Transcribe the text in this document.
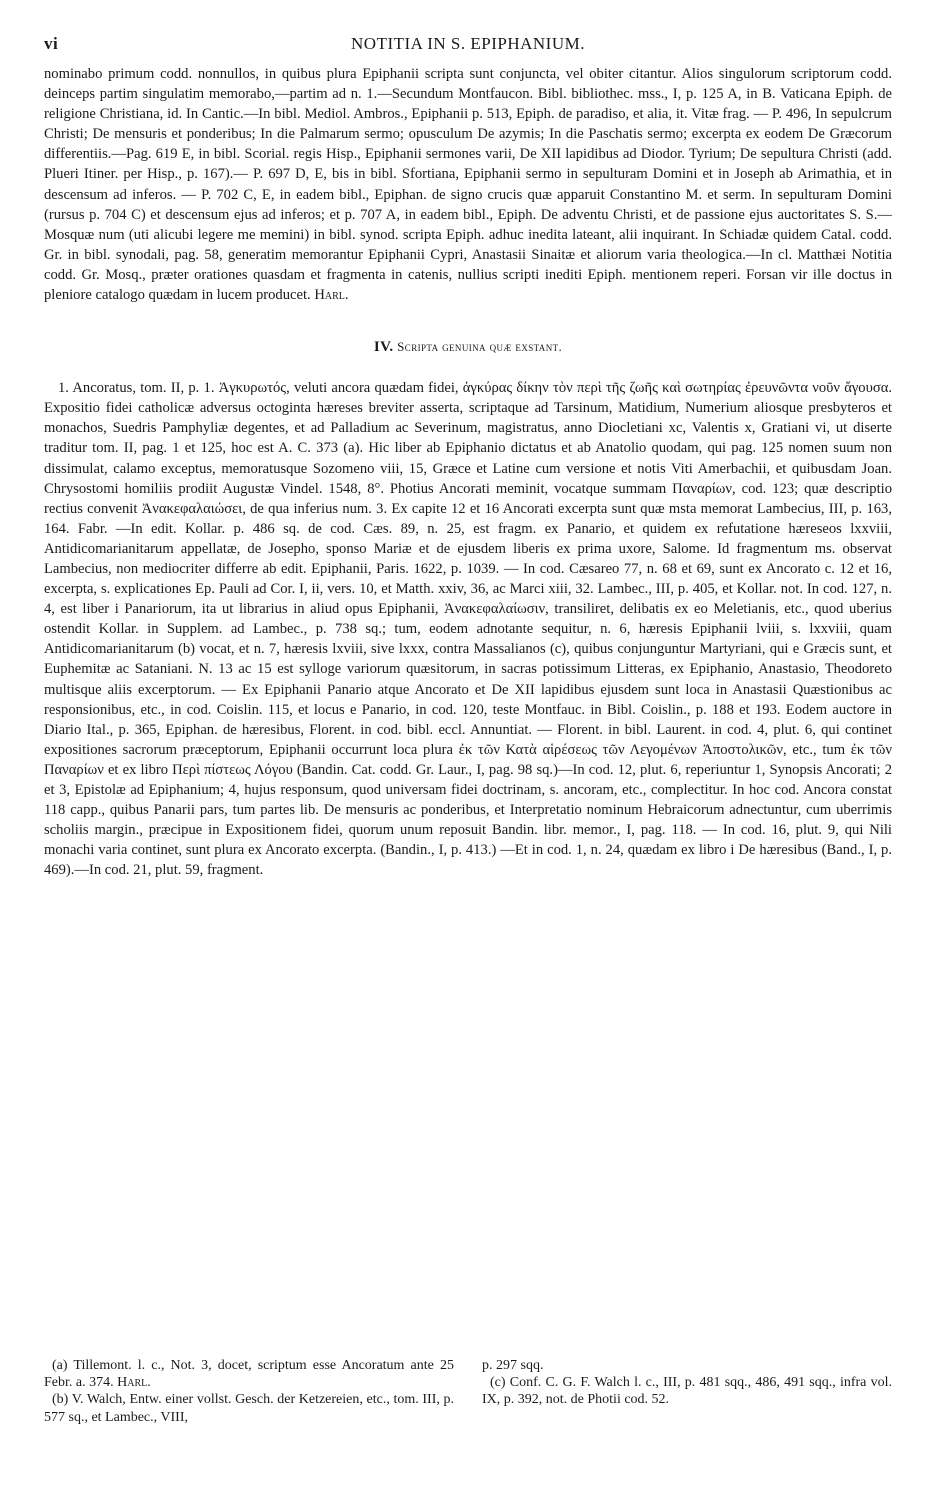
vi	NOTITIA IN S. EPIPHANIUM.

nominabo primum codd. nonnullos, in quibus plura Epiphanii scripta sunt conjuncta, vel obiter citantur. Alios singulorum scriptorum codd. deinceps partim singulatim memorabo,—partim ad n. 1.—Secundum Montfaucon. Bibl. bibliothec. mss., I, p. 125 A, in B. Vaticana Epiph. de religione Christiana, id. In Cantic.—In bibl. Mediol. Ambros., Epiphanii p. 513, Epiph. de paradiso, et alia, it. Vitæ frag. — P. 496, In sepulcrum Christi; De mensuris et ponderibus; In die Palmarum sermo; opusculum De azymis; In die Paschatis sermo; excerpta ex eodem De Græcorum differentiis.—Pag. 619 E, in bibl. Scorial. regis Hisp., Epiphanii sermones varii, De XII lapidibus ad Diodor. Tyrium; De sepultura Christi (add. Plueri Itiner. per Hisp., p. 167).— P. 697 D, E, bis in bibl. Sfortiana, Epiphanii sermo in sepulturam Domini et in Joseph ab Arimathia, et in descensum ad inferos. — P. 702 C, E, in eadem bibl., Epiphan. de signo crucis quæ apparuit Constantino M. et serm. In sepulturam Domini (rursus p. 704 C) et descensum ejus ad inferos; et p. 707 A, in eadem bibl., Epiph. De adventu Christi, et de passione ejus auctoritates S. S.—Mosquæ num (uti alicubi legere me memini) in bibl. synod. scripta Epiph. adhuc inedita lateant, alii inquirant. In Schiadæ quidem Catal. codd. Gr. in bibl. synodali, pag. 58, generatim memorantur Epiphanii Cypri, Anastasii Sinaitæ et aliorum varia theologica.—In cl. Matthæi Notitia codd. Gr. Mosq., præter orationes quasdam et fragmenta in catenis, nullius scripti inediti Epiph. mentionem reperi. Forsan vir ille doctus in pleniore catalogo quædam in lucem producet. Harl.

IV. Scripta genuina quæ exstant.

1. Ancoratus, tom. II, p. 1. Ἀγκυρωτός, veluti ancora quædam fidei, ἀγκύρας δίκην τὸν περὶ τῆς ζωῆς καὶ σωτηρίας ἐρευνῶντα νοῦν ἄγουσα. Expositio fidei catholicæ adversus octoginta hæreses breviter asserta, scriptaque ad Tarsinum, Matidium, Numerium aliosque presbyteros et monachos, Suedris Pamphyliæ degentes, et ad Palladium ac Severinum, magistratus, anno Diocletiani xc, Valentis x, Gratiani vi, ut diserte traditur tom. II, pag. 1 et 125, hoc est A. C. 373 (a). Hic liber ab Epiphanio dictatus et ab Anatolio quodam, qui pag. 125 nomen suum non dissimulat, calamo exceptus, memoratusque Sozomeno viii, 15, Græce et Latine cum versione et notis Viti Amerbachii, et quibusdam Joan. Chrysostomi homiliis prodiit Augustæ Vindel. 1548, 8°. Photius Ancorati meminit, vocatque summam Παναρίων, cod. 123; quæ descriptio rectius convenit Ἀνακεφαλαιώσει, de qua inferius num. 3. Ex capite 12 et 16 Ancorati excerpta sunt quæ msta memorat Lambecius, III, p. 163, 164. Fabr. —In edit. Kollar. p. 486 sq. de cod. Cæs. 89, n. 25, est fragm. ex Panario, et quidem ex refutatione hæreseos lxxviii, Antidicomarianitarum appellatæ, de Josepho, sponso Mariæ et de ejusdem liberis ex prima uxore, Salome. Id fragmentum ms. observat Lambecius, non mediocriter differre ab edit. Epiphanii, Paris. 1622, p. 1039. — In cod. Cæsareo 77, n. 68 et 69, sunt ex Ancorato c. 12 et 16, excerpta, s. explicationes Ep. Pauli ad Cor. I, ii, vers. 10, et Matth. xxiv, 36, ac Marci xiii, 32. Lambec., III, p. 405, et Kollar. not. In cod. 127, n. 4, est liber i Panariorum, ita ut librarius in aliud opus Epiphanii, Ἀνακεφαλαίωσιν, transiliret, delibatis ex eo Meletianis, etc., quod uberius ostendit Kollar. in Supplem. ad Lambec., p. 738 sq.; tum, eodem adnotante sequitur, n. 6, hæresis Epiphanii lviii, s. lxxviii, quam Antidicomarianitarum (b) vocat, et n. 7, hæresis lxviii, sive lxxx, contra Massalianos (c), quibus conjunguntur Martyriani, qui e Græcis sunt, et Euphemitæ ac Sataniani. N. 13 ac 15 est sylloge variorum quæsitorum, in sacras potissimum Litteras, ex Epiphanio, Anastasio, Theodoreto multisque aliis excerptorum. — Ex Epiphanii Panario atque Ancorato et De XII lapidibus ejusdem sunt loca in Anastasii Quæstionibus ac responsionibus, etc., in cod. Coislin. 115, et locus e Panario, in cod. 120, teste Montfauc. in Bibl. Coislin., p. 188 et 193. Eodem auctore in Diario Ital., p. 365, Epiphan. de hæresibus, Florent. in cod. bibl. eccl. Annuntiat. — Florent. in bibl. Laurent. in cod. 4, plut. 6, qui continet expositiones sacrorum præceptorum, Epiphanii occurrunt loca plura ἐκ τῶν Κατὰ αἱρέσεως τῶν Λεγομένων Ἀποστολικῶν, etc., tum ἐκ τῶν Παναρίων et ex libro Περὶ πίστεως Λόγου (Bandin. Cat. codd. Gr. Laur., I, pag. 98 sq.)—In cod. 12, plut. 6, reperiuntur 1, Synopsis Ancorati; 2 et 3, Epistolæ ad Epiphanium; 4, hujus responsum, quod universam fidei doctrinam, s. ancoram, etc., complectitur. In hoc cod. Ancora constat 118 capp., quibus Panarii pars, tum partes lib. De mensuris ac ponderibus, et Interpretatio nominum Hebraicorum adnectuntur, cum uberrimis scholiis margin., præcipue in Expositionem fidei, quorum unum reposuit Bandin. libr. memor., I, pag. 118. — In cod. 16, plut. 9, qui Nili monachi varia continet, sunt plura ex Ancorato excerpta. (Bandin., I, p. 413.) —Et in cod. 1, n. 24, quædam ex libro i De hæresibus (Band., I, p. 469).—In cod. 21, plut. 59, fragment.

(a) Tillemont. l. c., Not. 3, docet, scriptum esse Ancoratum ante 25 Febr. a. 374. Harl.

(b) V. Walch, Entw. einer vollst. Gesch. der Ketzereien, etc., tom. III, p. 577 sq., et Lambec., VIII,

p. 297 sqq.

(c) Conf. C. G. F. Walch l. c., III, p. 481 sqq., 486, 491 sqq., infra vol. IX, p. 392, not. de Photii cod. 52.
